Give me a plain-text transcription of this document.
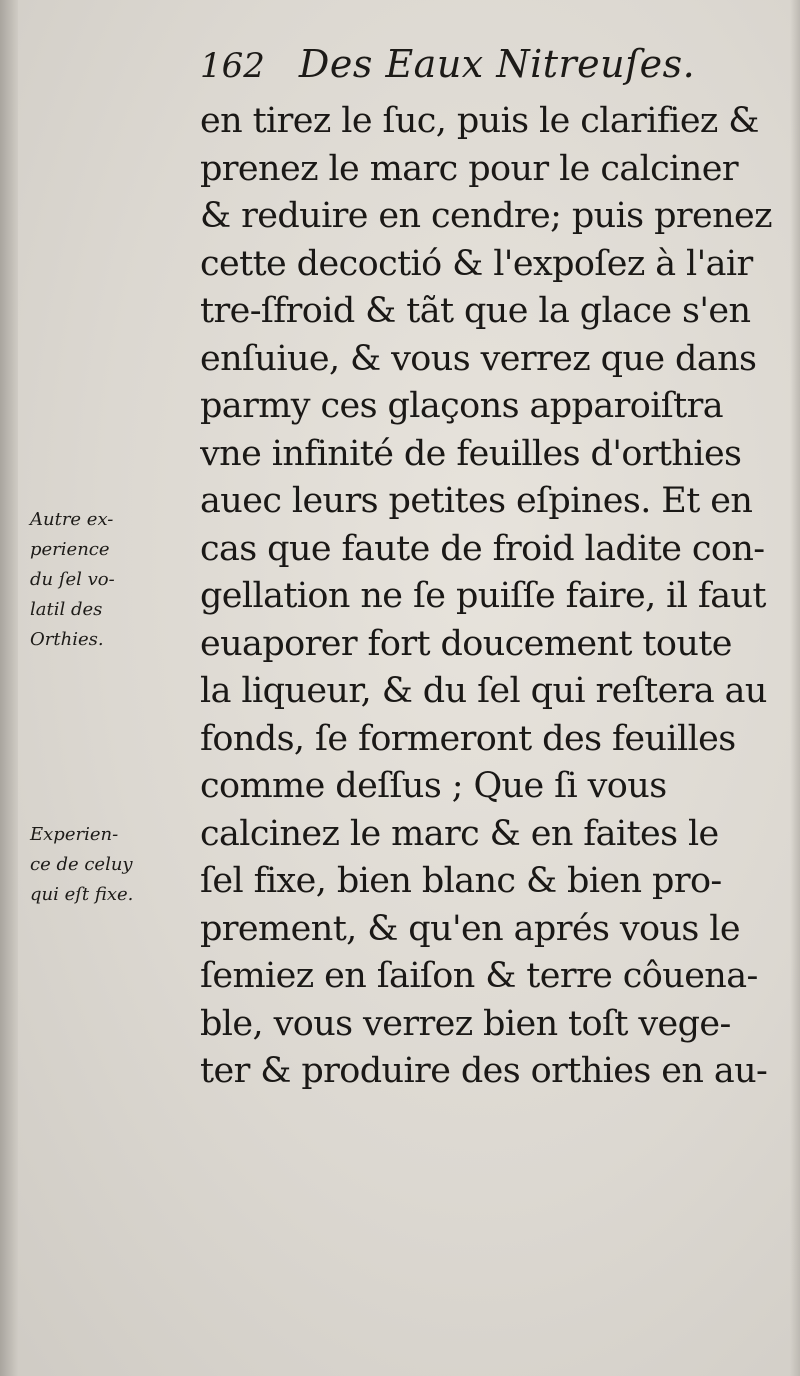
162 Des Eaux Nitreuſes.
Autre ex-
perience
du ſel vo-
latil des
Orthies.
Experien-
ce de celuy
qui eſt fixe.
en tirez le ſuc, puis le clarifiez &
prenez le marc pour le calciner
& reduire en cendre; puis prenez
cette decoctió & l'expoſez à l'air
tre-ſfroid & tãt que la glace s'en
enſuiue, & vous verrez que dans
parmy ces glaçons apparoiſtra
vne infinité de feuilles d'orthies
auec leurs petites eſpines. Et en
cas que faute de froid ladite con-
gellation ne ſe puiſſe faire, il faut
euaporer fort doucement toute
la liqueur, & du ſel qui reſtera au
fonds, ſe formeront des feuilles
comme deſſus ; Que ſi vous
calcinez le marc & en faites le
ſel fixe, bien blanc & bien pro-
prement, & qu'en aprés vous le
ſemiez en ſaiſon & terre côuena-
ble, vous verrez bien toſt vege-
ter & produire des orthies en au-
